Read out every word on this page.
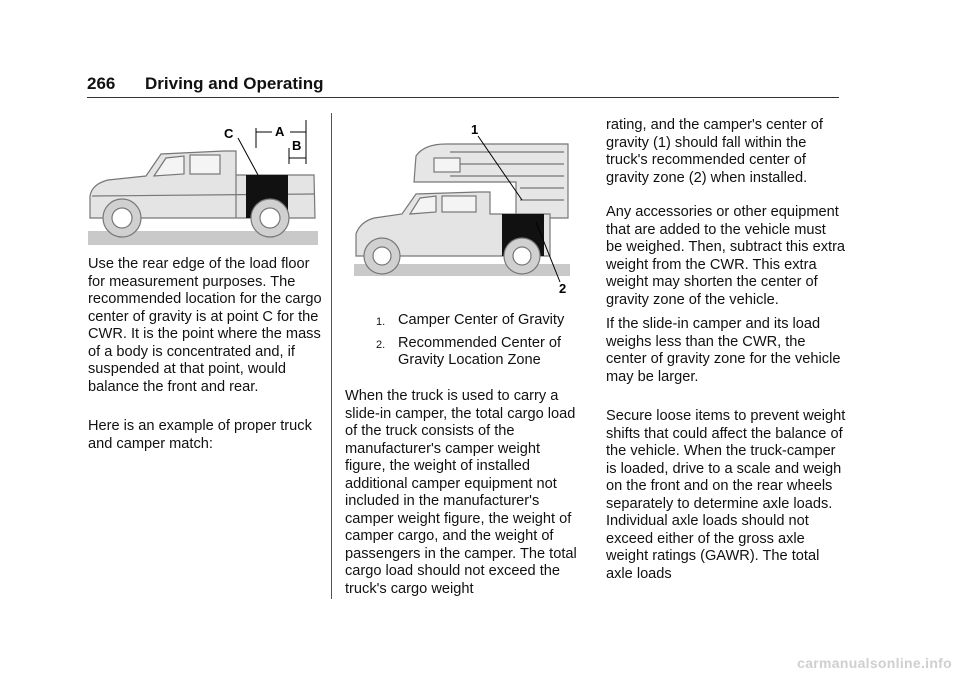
266 Driving and Operating
C	A
B

Use the rear edge of the load floor for measurement purposes. The recommended location for the cargo center of gravity is at point C for the CWR. It is the point where the mass of a body is concentrated and, if suspended at that point, would balance the front and rear.

Here is an example of proper truck and camper match:

1
2
1. Camper Center of Gravity
2. Recommended Center of Gravity Location Zone

When the truck is used to carry a slide-in camper, the total cargo load of the truck consists of the manufacturer's camper weight figure, the weight of installed additional camper equipment not included in the manufacturer's camper weight figure, the weight of camper cargo, and the weight of passengers in the camper. The total cargo load should not exceed the truck's cargo weight

rating, and the camper's center of gravity (1) should fall within the truck's recommended center of gravity zone (2) when installed.

Any accessories or other equipment that are added to the vehicle must be weighed. Then, subtract this extra weight from the CWR. This extra weight may shorten the center of gravity zone of the vehicle.

If the slide-in camper and its load weighs less than the CWR, the center of gravity zone for the vehicle may be larger.

Secure loose items to prevent weight shifts that could affect the balance of the vehicle. When the truck-camper is loaded, drive to a scale and weigh on the front and on the rear wheels separately to determine axle loads. Individual axle loads should not exceed either of the gross axle weight ratings (GAWR). The total axle loads

carmanualsonline.info
